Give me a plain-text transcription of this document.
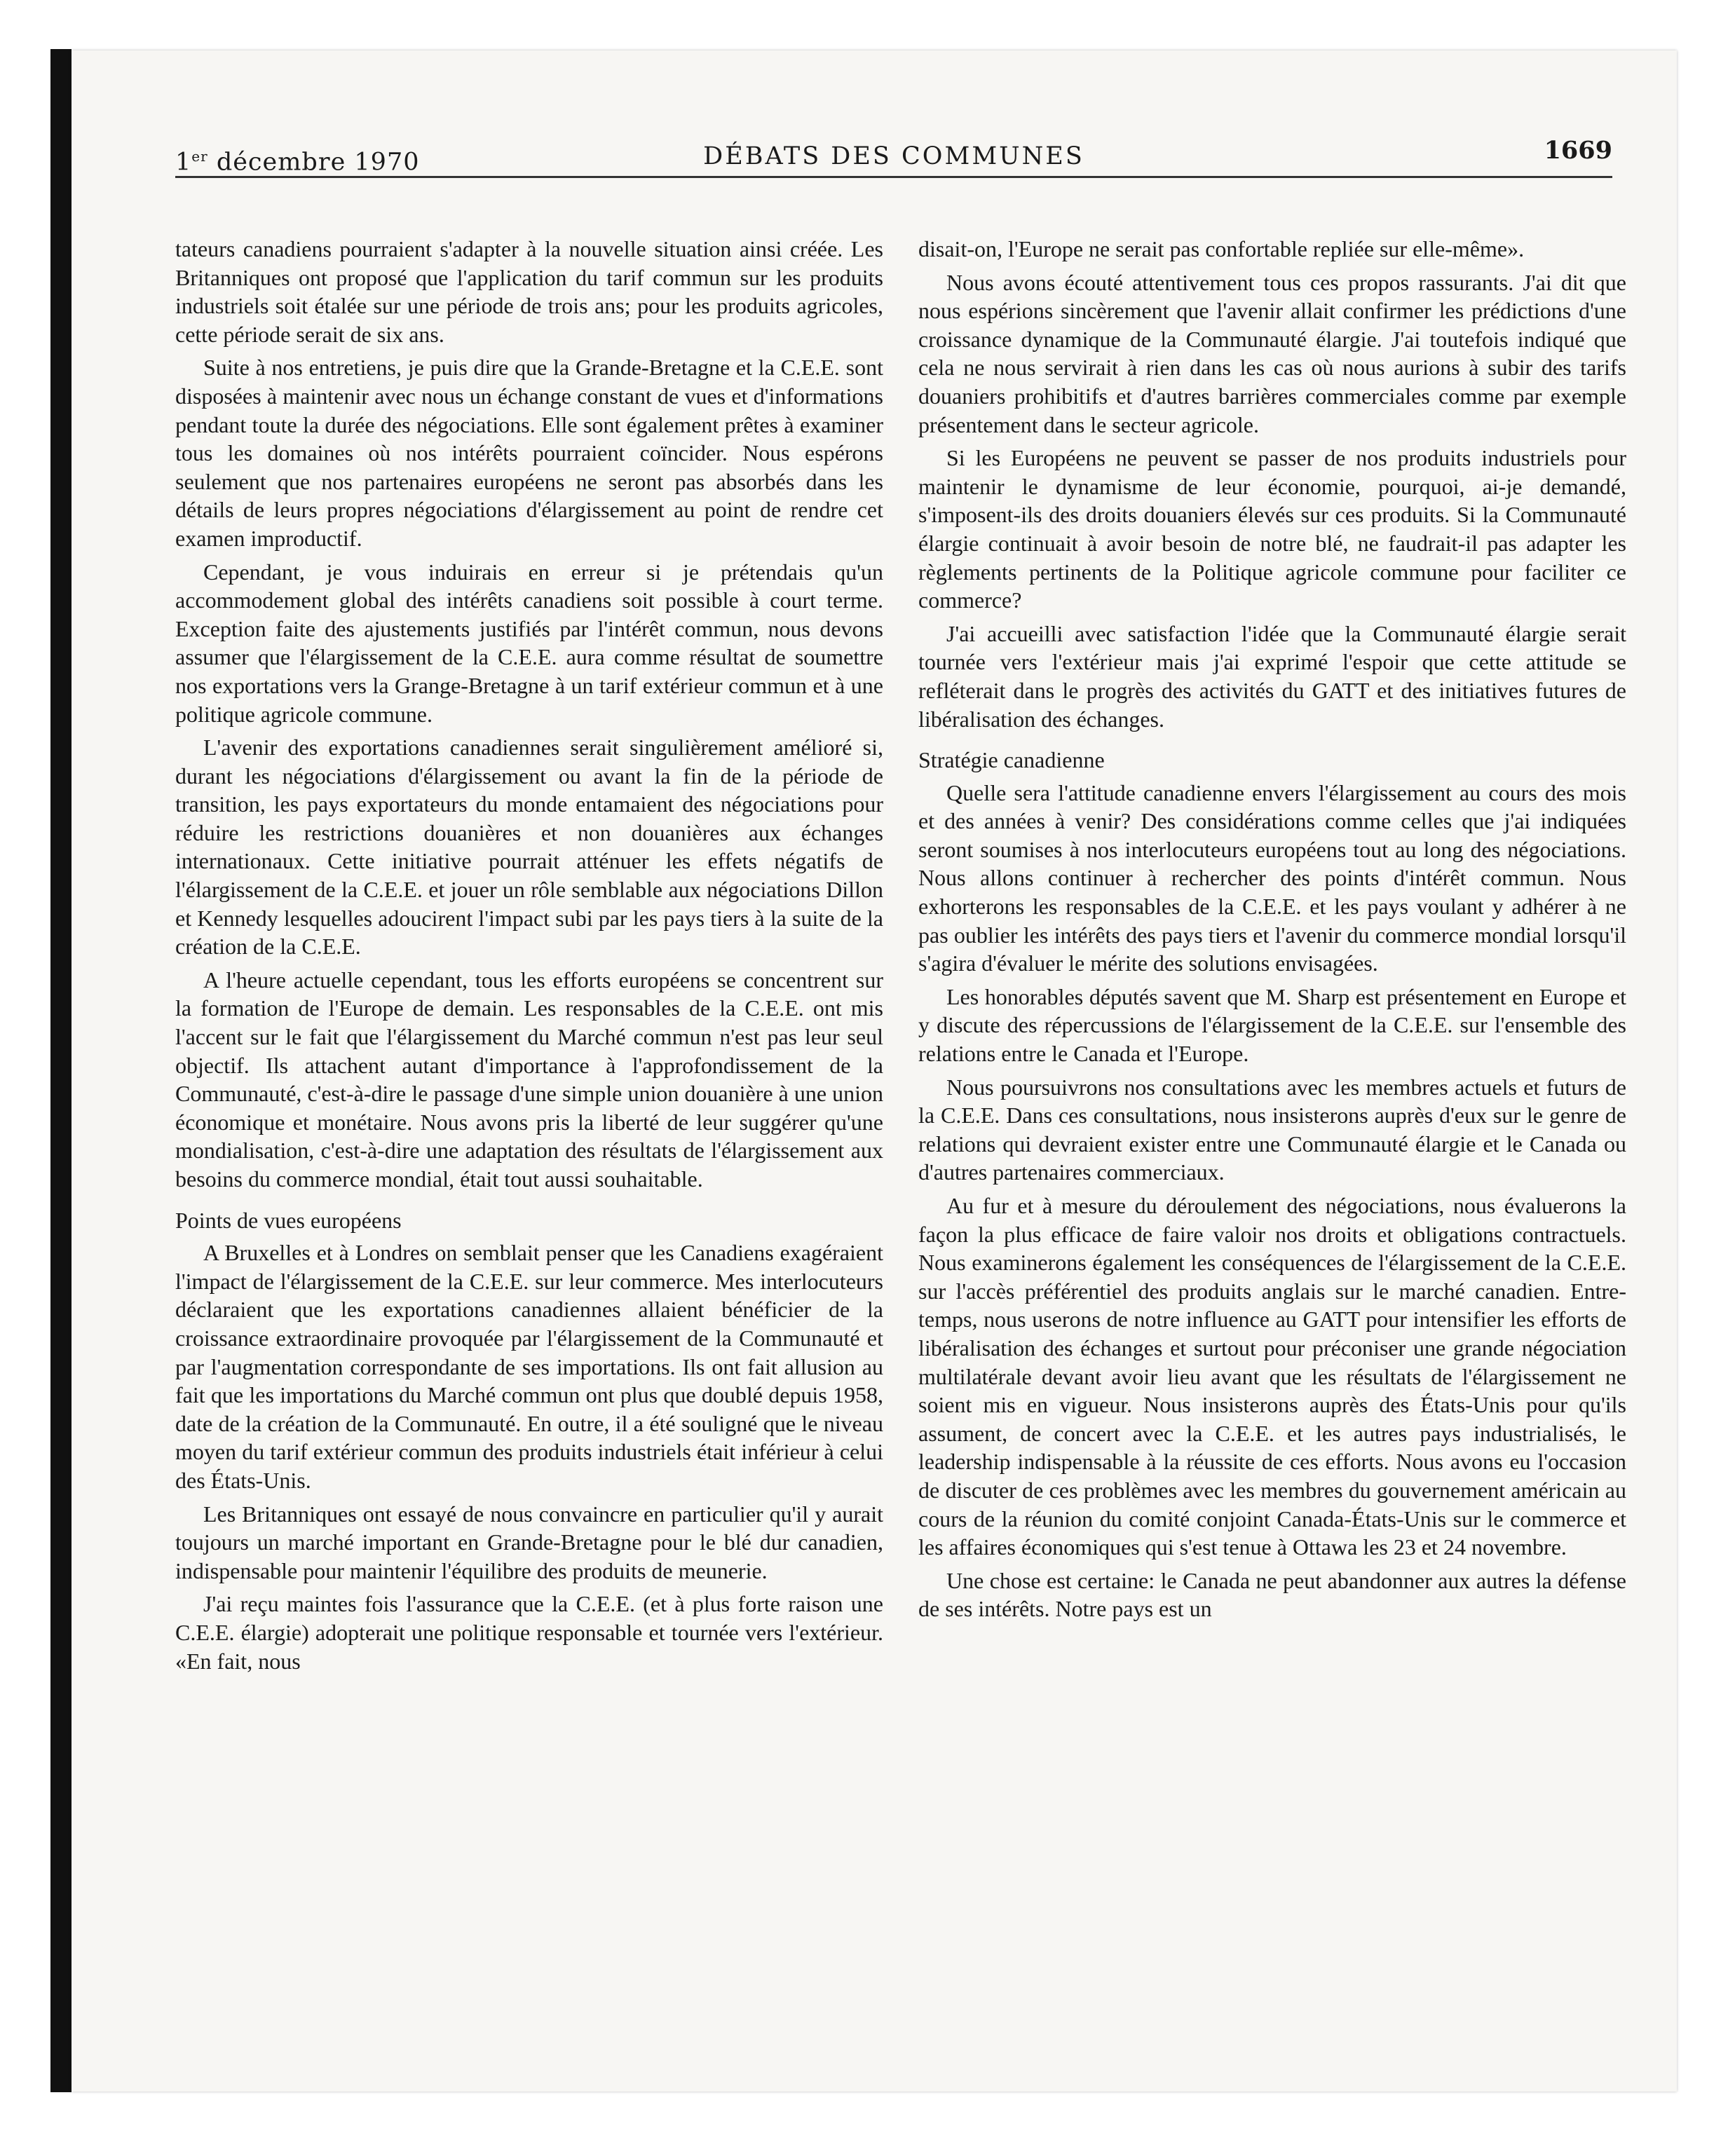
1er décembre 1970	DÉBATS DES COMMUNES	1669

tateurs canadiens pourraient s'adapter à la nouvelle situation ainsi créée. Les Britanniques ont proposé que l'application du tarif commun sur les produits industriels soit étalée sur une période de trois ans; pour les produits agricoles, cette période serait de six ans.

Suite à nos entretiens, je puis dire que la Grande-Bretagne et la C.E.E. sont disposées à maintenir avec nous un échange constant de vues et d'informations pendant toute la durée des négociations. Elle sont également prêtes à examiner tous les domaines où nos intérêts pourraient coïncider. Nous espérons seulement que nos partenaires européens ne seront pas absorbés dans les détails de leurs propres négociations d'élargissement au point de rendre cet examen improductif.

Cependant, je vous induirais en erreur si je prétendais qu'un accommodement global des intérêts canadiens soit possible à court terme. Exception faite des ajustements justifiés par l'intérêt commun, nous devons assumer que l'élargissement de la C.E.E. aura comme résultat de soumettre nos exportations vers la Grange-Bretagne à un tarif extérieur commun et à une politique agricole commune.

L'avenir des exportations canadiennes serait singulièrement amélioré si, durant les négociations d'élargissement ou avant la fin de la période de transition, les pays exportateurs du monde entamaient des négociations pour réduire les restrictions douanières et non douanières aux échanges internationaux. Cette initiative pourrait atténuer les effets négatifs de l'élargissement de la C.E.E. et jouer un rôle semblable aux négociations Dillon et Kennedy lesquelles adoucirent l'impact subi par les pays tiers à la suite de la création de la C.E.E.

A l'heure actuelle cependant, tous les efforts européens se concentrent sur la formation de l'Europe de demain. Les responsables de la C.E.E. ont mis l'accent sur le fait que l'élargissement du Marché commun n'est pas leur seul objectif. Ils attachent autant d'importance à l'approfondissement de la Communauté, c'est-à-dire le passage d'une simple union douanière à une union économique et monétaire. Nous avons pris la liberté de leur suggérer qu'une mondialisation, c'est-à-dire une adaptation des résultats de l'élargissement aux besoins du commerce mondial, était tout aussi souhaitable.

Points de vues européens

A Bruxelles et à Londres on semblait penser que les Canadiens exagéraient l'impact de l'élargissement de la C.E.E. sur leur commerce. Mes interlocuteurs déclaraient que les exportations canadiennes allaient bénéficier de la croissance extraordinaire provoquée par l'élargissement de la Communauté et par l'augmentation correspondante de ses importations. Ils ont fait allusion au fait que les importations du Marché commun ont plus que doublé depuis 1958, date de la création de la Communauté. En outre, il a été souligné que le niveau moyen du tarif extérieur commun des produits industriels était inférieur à celui des États-Unis.

Les Britanniques ont essayé de nous convaincre en particulier qu'il y aurait toujours un marché important en Grande-Bretagne pour le blé dur canadien, indispensable pour maintenir l'équilibre des produits de meunerie.

J'ai reçu maintes fois l'assurance que la C.E.E. (et à plus forte raison une C.E.E. élargie) adopterait une politique responsable et tournée vers l'extérieur. «En fait, nous

disait-on, l'Europe ne serait pas confortable repliée sur elle-même».

Nous avons écouté attentivement tous ces propos rassurants. J'ai dit que nous espérions sincèrement que l'avenir allait confirmer les prédictions d'une croissance dynamique de la Communauté élargie. J'ai toutefois indiqué que cela ne nous servirait à rien dans les cas où nous aurions à subir des tarifs douaniers prohibitifs et d'autres barrières commerciales comme par exemple présentement dans le secteur agricole.

Si les Européens ne peuvent se passer de nos produits industriels pour maintenir le dynamisme de leur économie, pourquoi, ai-je demandé, s'imposent-ils des droits douaniers élevés sur ces produits. Si la Communauté élargie continuait à avoir besoin de notre blé, ne faudrait-il pas adapter les règlements pertinents de la Politique agricole commune pour faciliter ce commerce?

J'ai accueilli avec satisfaction l'idée que la Communauté élargie serait tournée vers l'extérieur mais j'ai exprimé l'espoir que cette attitude se refléterait dans le progrès des activités du GATT et des initiatives futures de libéralisation des échanges.

Stratégie canadienne

Quelle sera l'attitude canadienne envers l'élargissement au cours des mois et des années à venir? Des considérations comme celles que j'ai indiquées seront soumises à nos interlocuteurs européens tout au long des négociations. Nous allons continuer à rechercher des points d'intérêt commun. Nous exhorterons les responsables de la C.E.E. et les pays voulant y adhérer à ne pas oublier les intérêts des pays tiers et l'avenir du commerce mondial lorsqu'il s'agira d'évaluer le mérite des solutions envisagées.

Les honorables députés savent que M. Sharp est présentement en Europe et y discute des répercussions de l'élargissement de la C.E.E. sur l'ensemble des relations entre le Canada et l'Europe.

Nous poursuivrons nos consultations avec les membres actuels et futurs de la C.E.E. Dans ces consultations, nous insisterons auprès d'eux sur le genre de relations qui devraient exister entre une Communauté élargie et le Canada ou d'autres partenaires commerciaux.

Au fur et à mesure du déroulement des négociations, nous évaluerons la façon la plus efficace de faire valoir nos droits et obligations contractuels. Nous examinerons également les conséquences de l'élargissement de la C.E.E. sur l'accès préférentiel des produits anglais sur le marché canadien. Entre-temps, nous userons de notre influence au GATT pour intensifier les efforts de libéralisation des échanges et surtout pour préconiser une grande négociation multilatérale devant avoir lieu avant que les résultats de l'élargissement ne soient mis en vigueur. Nous insisterons auprès des États-Unis pour qu'ils assument, de concert avec la C.E.E. et les autres pays industrialisés, le leadership indispensable à la réussite de ces efforts. Nous avons eu l'occasion de discuter de ces problèmes avec les membres du gouvernement américain au cours de la réunion du comité conjoint Canada-États-Unis sur le commerce et les affaires économiques qui s'est tenue à Ottawa les 23 et 24 novembre.

Une chose est certaine: le Canada ne peut abandonner aux autres la défense de ses intérêts. Notre pays est un
